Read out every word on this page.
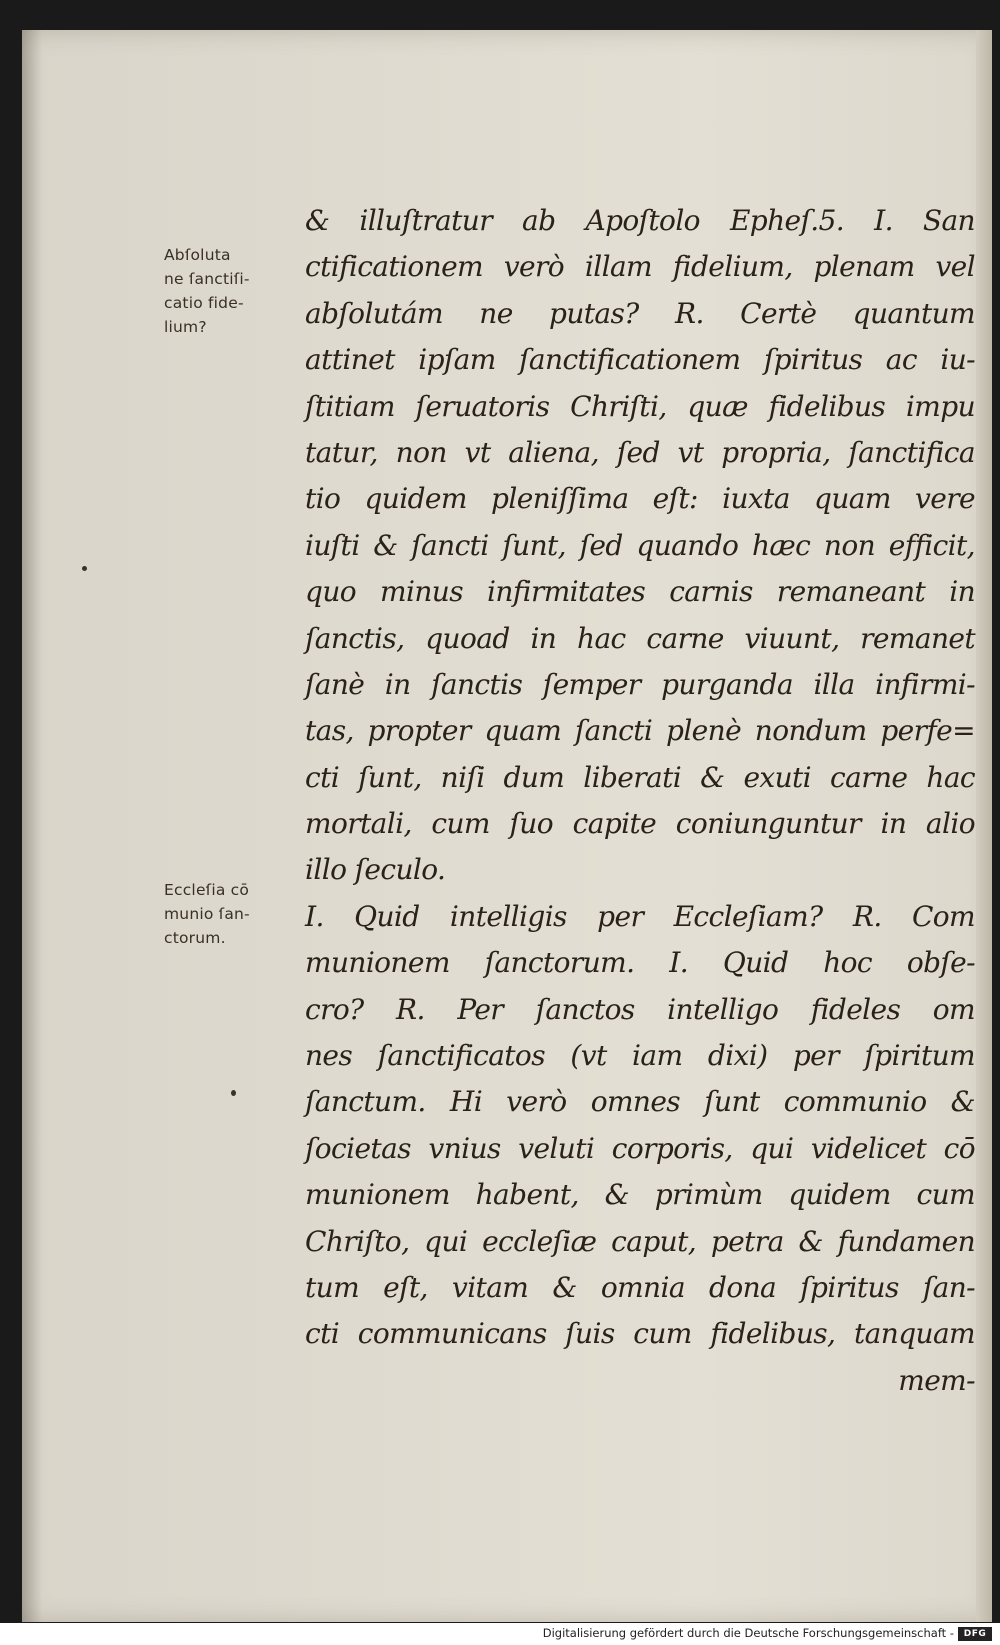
Abſoluta
ne ſanctiſi-
catio fide-
lium?
Eccleſia cō
munio ſan-
ctorum.
& illuſtratur ab Apoſtolo Epheſ.5. I. San
ctificationem verò illam fidelium, plenam vel
abſolutám ne putas? R. Certè quantum
attinet ipſam ſanctificationem ſpiritus ac iu-
ſtitiam ſeruatoris Chriſti, quæ fidelibus impu
tatur, non vt aliena, ſed vt propria, ſanctifica
tio quidem pleniſſima eſt: iuxta quam vere
iuſti & ſancti ſunt, ſed quando hæc non efficit,
quo minus infirmitates carnis remaneant in
ſanctis, quoad in hac carne viuunt, remanet
ſanè in ſanctis ſemper purganda illa infirmi-
tas, propter quam ſancti plenè nondum perfe=
cti ſunt, niſi dum liberati & exuti carne hac
mortali, cum ſuo capite coniunguntur in alio
illo ſeculo.
I. Quid intelligis per Eccleſiam? R. Com
munionem ſanctorum. I. Quid hoc obſe-
cro? R. Per ſanctos intelligo fideles om
nes ſanctificatos (vt iam dixi) per ſpiritum
ſanctum. Hi verò omnes ſunt communio &
ſocietas vnius veluti corporis, qui videlicet cō
munionem habent, & primùm quidem cum
Chriſto, qui eccleſiæ caput, petra & fundamen
tum eſt, vitam & omnia dona ſpiritus ſan-
cti communicans ſuis cum fidelibus, tanquam
mem-
Digitalisierung gefördert durch die Deutsche Forschungsgemeinschaft -	DFG
